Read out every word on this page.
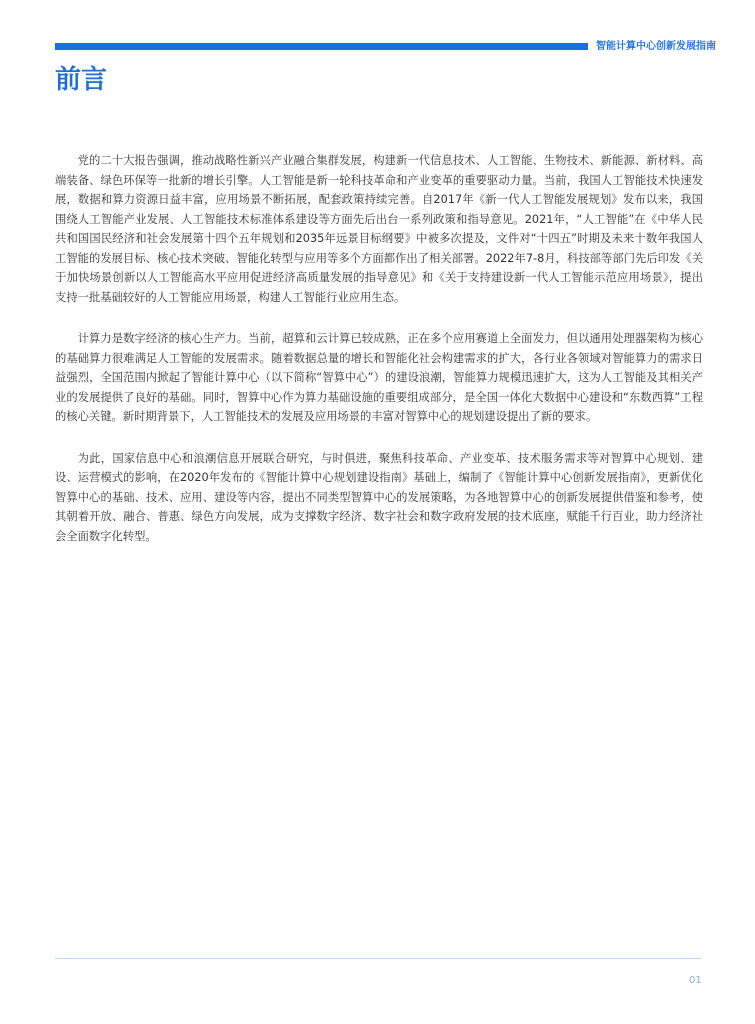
智能计算中心创新发展指南
前言

党的二十大报告强调，推动战略性新兴产业融合集群发展，构建新一代信息技术、人工智能、生物技术、新能源、新材料、高端装备、绿色环保等一批新的增长引擎。人工智能是新一轮科技革命和产业变革的重要驱动力量。当前，我国人工智能技术快速发展，数据和算力资源日益丰富，应用场景不断拓展，配套政策持续完善。自2017年《新一代人工智能发展规划》发布以来，我国围绕人工智能产业发展、人工智能技术标准体系建设等方面先后出台一系列政策和指导意见。2021年，“人工智能”在《中华人民共和国国民经济和社会发展第十四个五年规划和2035年远景目标纲要》中被多次提及，文件对“十四五”时期及未来十数年我国人工智能的发展目标、核心技术突破、智能化转型与应用等多个方面都作出了相关部署。2022年7-8月，科技部等部门先后印发《关于加快场景创新以人工智能高水平应用促进经济高质量发展的指导意见》和《关于支持建设新一代人工智能示范应用场景》，提出支持一批基础较好的人工智能应用场景，构建人工智能行业应用生态。

计算力是数字经济的核心生产力。当前，超算和云计算已较成熟，正在多个应用赛道上全面发力，但以通用处理器架构为核心的基础算力很难满足人工智能的发展需求。随着数据总量的增长和智能化社会构建需求的扩大，各行业各领域对智能算力的需求日益强烈，全国范围内掀起了智能计算中心（以下简称“智算中心”）的建设浪潮，智能算力规模迅速扩大，这为人工智能及其相关产业的发展提供了良好的基础。同时，智算中心作为算力基础设施的重要组成部分，是全国一体化大数据中心建设和“东数西算”工程的核心关键。新时期背景下，人工智能技术的发展及应用场景的丰富对智算中心的规划建设提出了新的要求。

为此，国家信息中心和浪潮信息开展联合研究，与时俱进，聚焦科技革命、产业变革、技术服务需求等对智算中心规划、建设、运营模式的影响，在2020年发布的《智能计算中心规划建设指南》基础上，编制了《智能计算中心创新发展指南》，更新优化智算中心的基础、技术、应用、建设等内容，提出不同类型智算中心的发展策略，为各地智算中心的创新发展提供借鉴和参考，使其朝着开放、融合、普惠、绿色方向发展，成为支撑数字经济、数字社会和数字政府发展的技术底座，赋能千行百业，助力经济社会全面数字化转型。

01
